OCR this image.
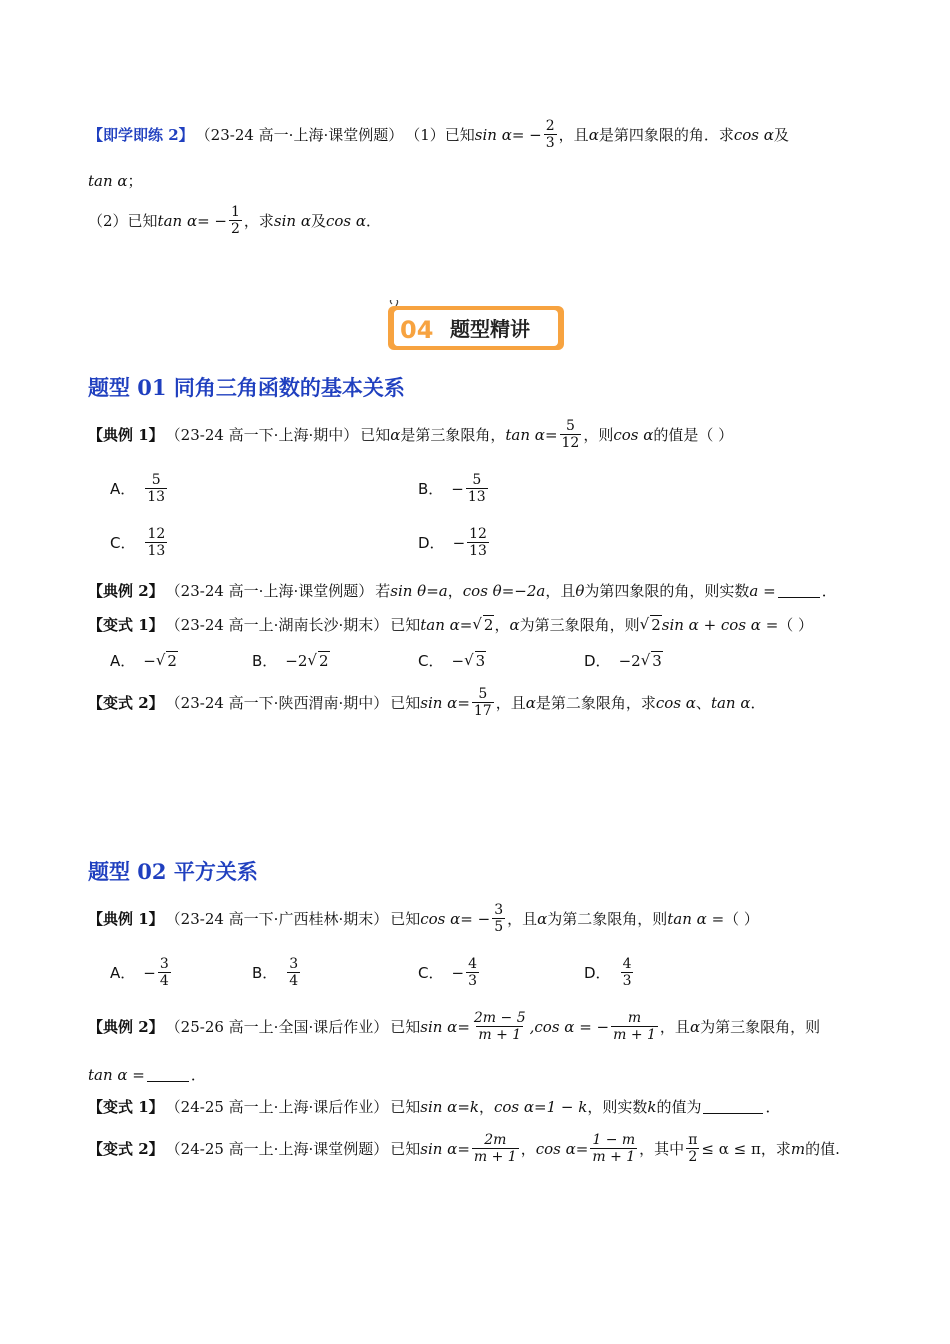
【即学即练 2】 （23-24 高一·上海·课堂例题） （1）已知 sin α = − $\frac{2}{3}$ ，且 α 是第四象限的角．求 cos α 及
tan α ；
（2）已知 tan α = − $\frac{1}{2}$ ，求 sin α 及 cos α ．
04 题型精讲
题型 01 同角三角函数的基本关系
【典例 1】 （23-24 高一下·上海·期中） 已知 α 是第三象限角， $\tan \alpha = \frac{5}{12}$ ，则 cos α 的值是（ ）
A． $\frac{5}{13}$	B． − $\frac{5}{13}$
C． $\frac{12}{13}$	D． − $\frac{12}{13}$
【典例 2】 （23-24 高一·上海·课堂例题） 若 sin θ = a ， cos θ = −2a ，且 θ 为第四象限的角，则实数 a =	．
【变式 1】 （23-24 高一上·湖南长沙·期末） 已知 tan α = √ 2 ， α 为第三象限角，则 √ 2 sin α + cos α = （ ）
A． − √ 2	B． −2 √ 2	C． − √ 3	D． −2 √ 3
【变式 2】 （23-24 高一下·陕西渭南·期中） 已知 $\sin \alpha = \frac{5}{17}$ ，且 α 是第二象限角，求 cos α 、 tan α ．
题型 02 平方关系
【典例 1】 （23-24 高一下·广西桂林·期末） 已知 cos α = − $\frac{3}{5}$ ，且 α 为第二象限角，则 tan α = （ ）
A． − $\frac{3}{4}$	B． $\frac{3}{4}$	C． − $\frac{4}{3}$	D． $\frac{4}{3}$
【典例 2】 （25-26 高一上·全国·课后作业） 已知 $\sin \alpha = \frac{2m - 5}{m + 1} ,\cos$ α = − $\frac{m}{m + 1}$ ，且 α 为第三象限角，则
tan α =	．
【变式 1】 （24-25 高一上·上海·课后作业） 已知 sin α = k ， cos α = 1 − k ，则实数 k 的值为	．
【变式 2】 （24-25 高一上·上海·课堂例题） 已知 $\sin \alpha = \frac{2m}{m + 1}$ ， $\cos \alpha = \frac{1 - m}{m + 1}$ ，其中 $\frac{\pi}{2} \le \alpha \le \pi$ ，求 m 的值.
